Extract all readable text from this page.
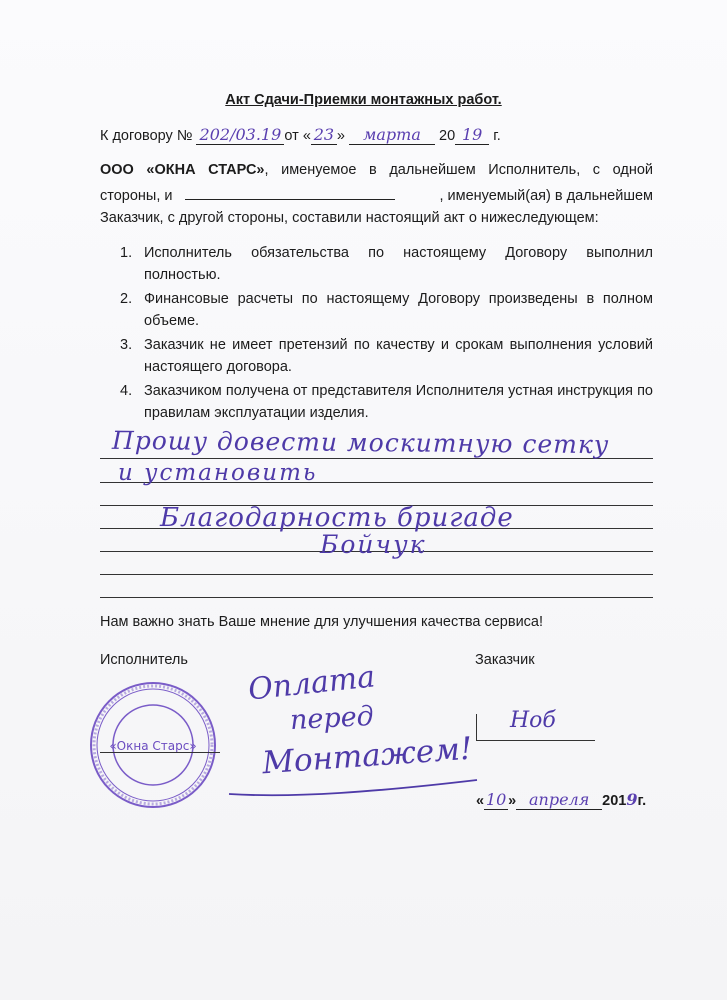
Акт Сдачи-Приемки монтажных работ.
К договору № 202/03.19 от « 23 » марта 20 19 г.
ООО «ОКНА СТАРС», именуемое в дальнейшем Исполнитель, с одной
стороны, и	, именуемый(ая) в дальнейшем
Заказчик, с другой стороны, составили настоящий акт о нижеследующем:
1. Исполнитель обязательства по настоящему Договору выполнил полностью.
2. Финансовые расчеты по настоящему Договору произведены в полном объеме.
3. Заказчик не имеет претензий по качеству и срокам выполнения условий настоящего договора.
4. Заказчиком получена от представителя Исполнителя устная инструкция по правилам эксплуатации изделия.
Прошу довести москитную сетку
и установить
Благодарность бригаде
Бойчук
Нам важно знать Ваше мнение для улучшения качества сервиса!
Исполнитель	Заказчик
«Окна Старс»
Оплата
перед
Монтажем!
Ноб
« 10 » апреля 2019г.
